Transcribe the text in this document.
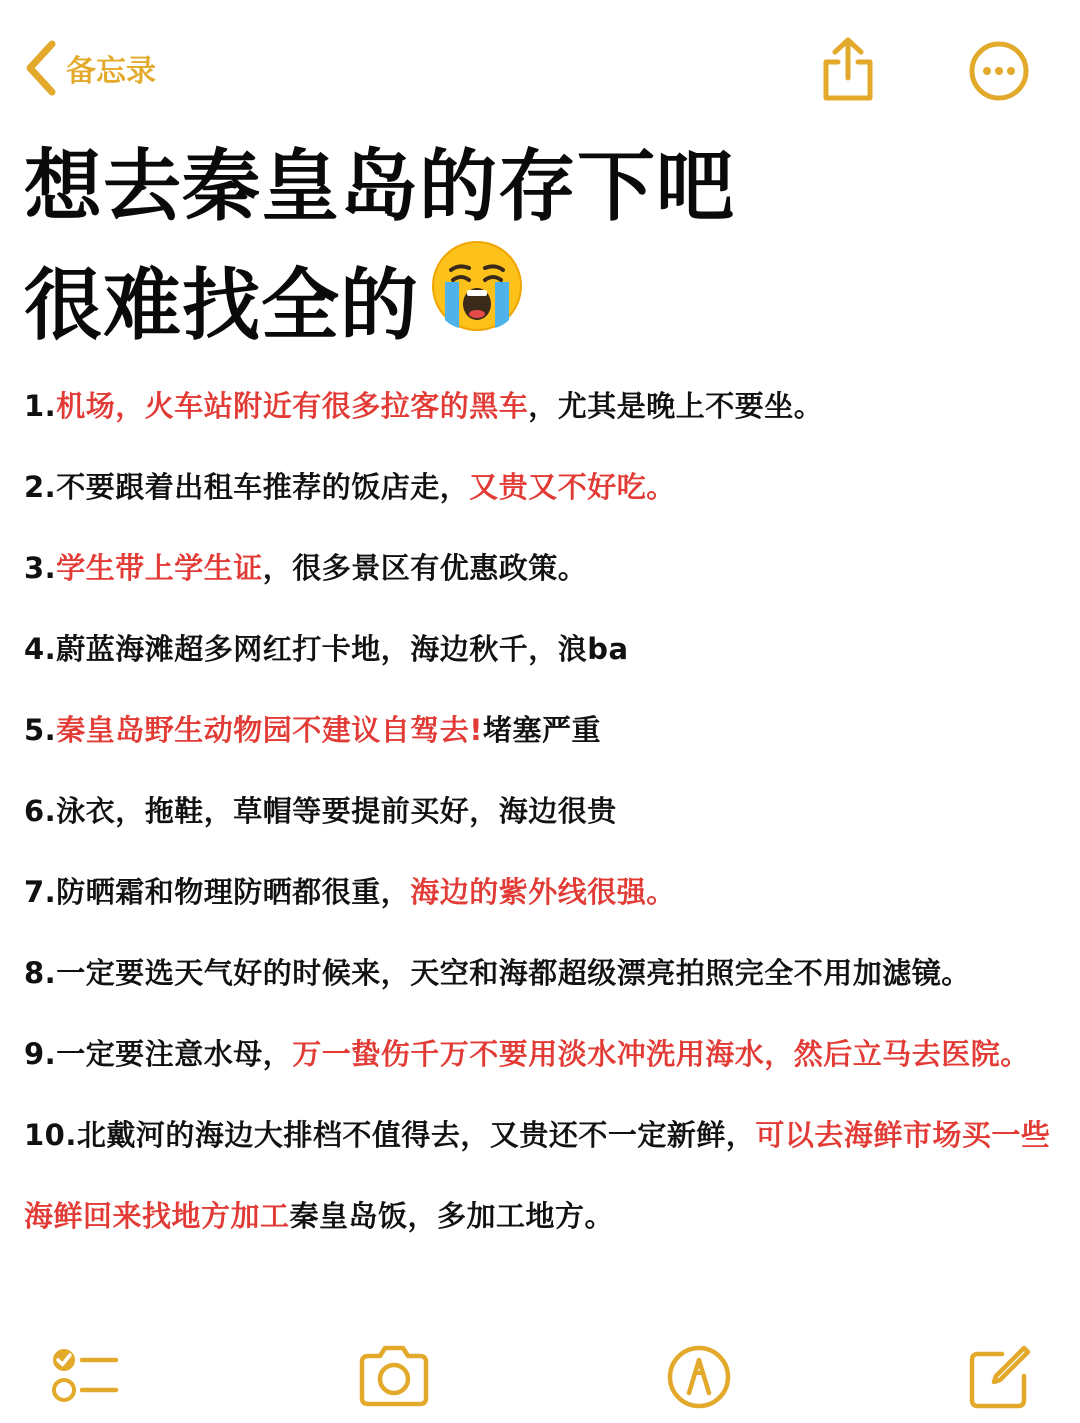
备忘录
想去秦皇岛的存下吧
很难找全的
1.机场，火车站附近有很多拉客的黑车，尤其是晚上不要坐。
2.不要跟着出租车推荐的饭店走，又贵又不好吃。
3.学生带上学生证，很多景区有优惠政策。
4.蔚蓝海滩超多网红打卡地，海边秋千，浪ba
5.秦皇岛野生动物园不建议自驾去!堵塞严重
6.泳衣，拖鞋，草帽等要提前买好，海边很贵
7.防晒霜和物理防晒都很重，海边的紫外线很强。
8.一定要选天气好的时候来，天空和海都超级漂亮拍照完全不用加滤镜。
9.一定要注意水母，万一蛰伤千万不要用淡水冲洗用海水，然后立马去医院。
10.北戴河的海边大排档不值得去，又贵还不一定新鲜，可以去海鲜市场买一些海鲜回来找地方加工秦皇岛饭，多加工地方。
